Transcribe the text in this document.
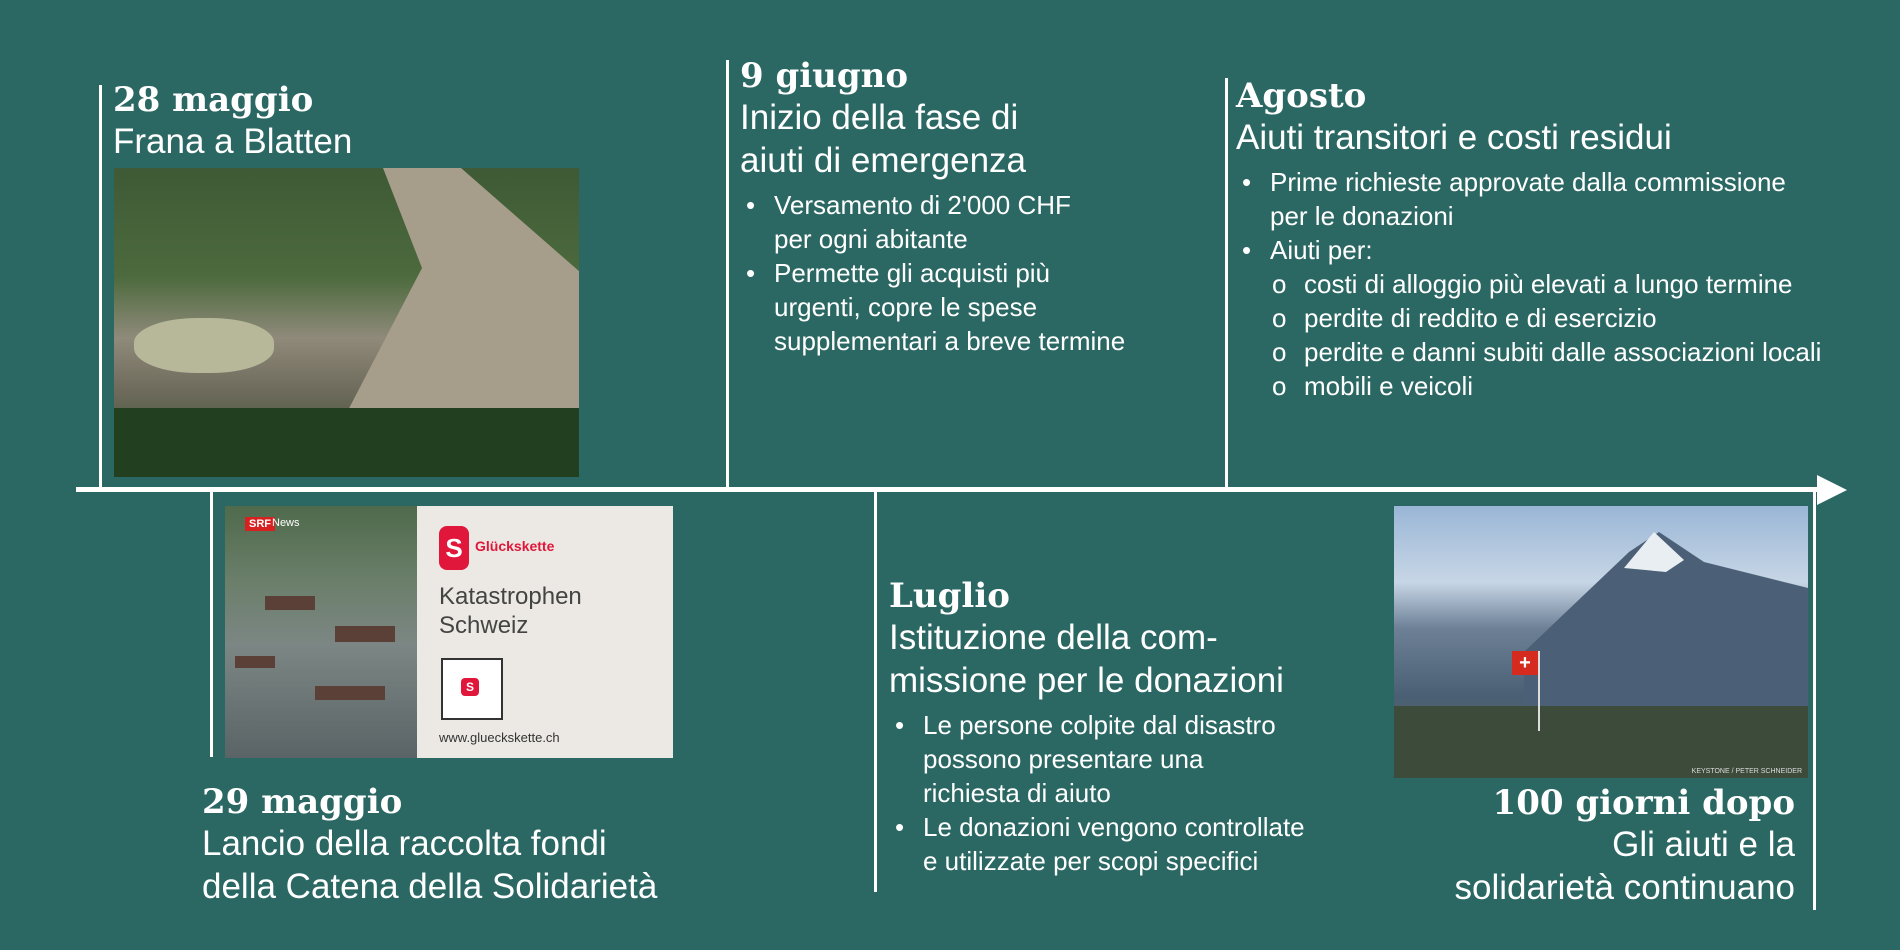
28 maggio
Frana a Blatten
9 giugno
Inizio della fase di
aiuti di emergenza
• Versamento di 2'000 CHF
per ogni abitante
• Permette gli acquisti più
urgenti, copre le spese
supplementari a breve termine
Agosto
Aiuti transitori e costi residui
• Prime richieste approvate dalla commissione
per le donazioni
• Aiuti per:
o costi di alloggio più elevati a lungo termine
o perdite di reddito e di esercizio
o perdite e danni subiti dalle associazioni locali
o mobili e veicoli
SRF News
S Glückskette
Katastrophen
Schweiz
S
www.glueckskette.ch
29 maggio
Lancio della raccolta fondi
della Catena della Solidarietà
Luglio
Istituzione della com-
missione per le donazioni
• Le persone colpite dal disastro
possono presentare una
richiesta di aiuto
• Le donazioni vengono controllate
e utilizzate per scopi specifici
+
KEYSTONE / PETER SCHNEIDER
100 giorni dopo
Gli aiuti e la
solidarietà continuano
